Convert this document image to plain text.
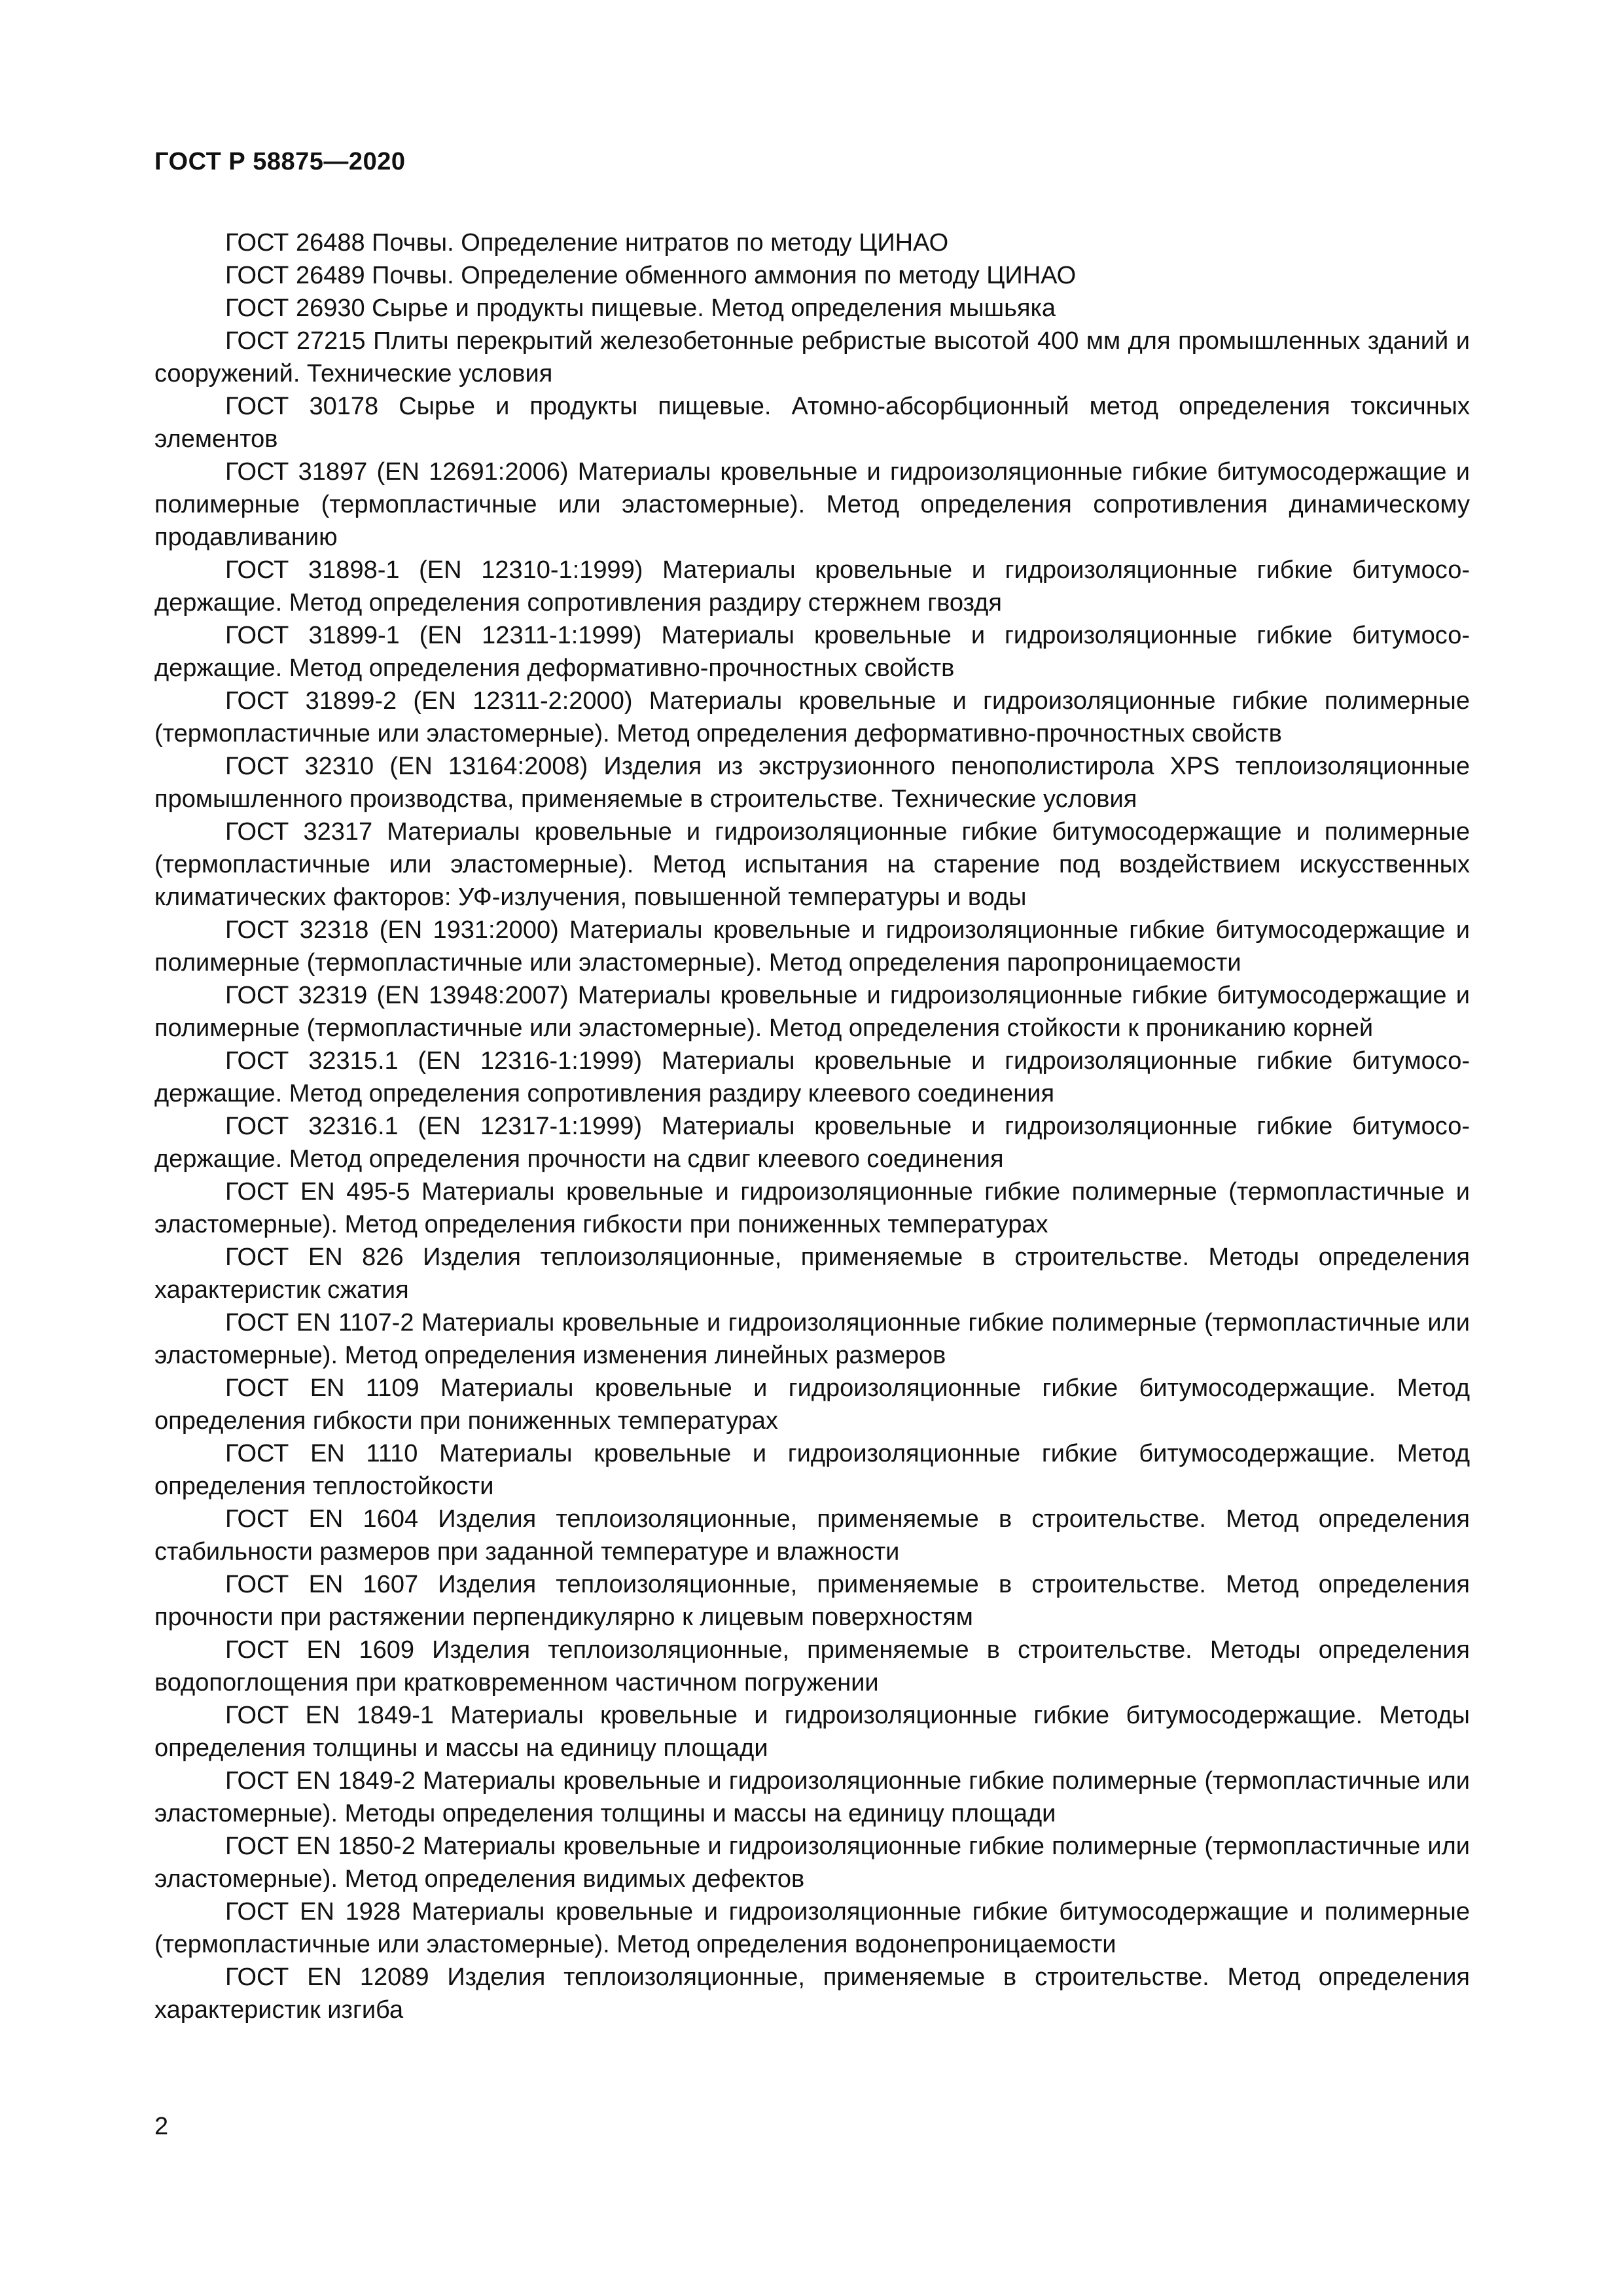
ГОСТ Р 58875—2020

ГОСТ 26488 Почвы. Определение нитратов по методу ЦИНАО

ГОСТ 26489 Почвы. Определение обменного аммония по методу ЦИНАО

ГОСТ 26930 Сырье и продукты пищевые. Метод определения мышьяка

ГОСТ 27215 Плиты перекрытий железобетонные ребристые высотой 400 мм для промышленных зданий и сооружений. Технические условия

ГОСТ 30178 Сырье и продукты пищевые. Атомно-абсорбционный метод определения токсичных элементов

ГОСТ 31897 (EN 12691:2006) Материалы кровельные и гидроизоляционные гибкие битумосодержащие и полимерные (термопластичные или эластомерные). Метод определения сопротивления динамическому продавливанию

ГОСТ 31898-1 (EN 12310-1:1999) Материалы кровельные и гидроизоляционные гибкие битумосодержащие. Метод определения сопротивления раздиру стержнем гвоздя

ГОСТ 31899-1 (EN 12311-1:1999) Материалы кровельные и гидроизоляционные гибкие битумосодержащие. Метод определения деформативно-прочностных свойств

ГОСТ 31899-2 (EN 12311-2:2000) Материалы кровельные и гидроизоляционные гибкие полимерные (термопластичные или эластомерные). Метод определения деформативно-прочностных свойств

ГОСТ 32310 (EN 13164:2008) Изделия из экструзионного пенополистирола XPS теплоизоляционные промышленного производства, применяемые в строительстве. Технические условия

ГОСТ 32317 Материалы кровельные и гидроизоляционные гибкие битумосодержащие и полимерные (термопластичные или эластомерные). Метод испытания на старение под воздействием искусственных климатических факторов: УФ-излучения, повышенной температуры и воды

ГОСТ 32318 (EN 1931:2000) Материалы кровельные и гидроизоляционные гибкие битумосодержащие и полимерные (термопластичные или эластомерные). Метод определения паропроницаемости

ГОСТ 32319 (EN 13948:2007) Материалы кровельные и гидроизоляционные гибкие битумосодержащие и полимерные (термопластичные или эластомерные). Метод определения стойкости к прониканию корней

ГОСТ 32315.1 (EN 12316-1:1999) Материалы кровельные и гидроизоляционные гибкие битумосодержащие. Метод определения сопротивления раздиру клеевого соединения

ГОСТ 32316.1 (EN 12317-1:1999) Материалы кровельные и гидроизоляционные гибкие битумосодержащие. Метод определения прочности на сдвиг клеевого соединения

ГОСТ EN 495-5 Материалы кровельные и гидроизоляционные гибкие полимерные (термопластичные и эластомерные). Метод определения гибкости при пониженных температурах

ГОСТ EN 826 Изделия теплоизоляционные, применяемые в строительстве. Методы определения характеристик сжатия

ГОСТ EN 1107-2 Материалы кровельные и гидроизоляционные гибкие полимерные (термопластичные или эластомерные). Метод определения изменения линейных размеров

ГОСТ EN 1109 Материалы кровельные и гидроизоляционные гибкие битумосодержащие. Метод определения гибкости при пониженных температурах

ГОСТ EN 1110 Материалы кровельные и гидроизоляционные гибкие битумосодержащие. Метод определения теплостойкости

ГОСТ EN 1604 Изделия теплоизоляционные, применяемые в строительстве. Метод определения стабильности размеров при заданной температуре и влажности

ГОСТ EN 1607 Изделия теплоизоляционные, применяемые в строительстве. Метод определения прочности при растяжении перпендикулярно к лицевым поверхностям

ГОСТ EN 1609 Изделия теплоизоляционные, применяемые в строительстве. Методы определения водопоглощения при кратковременном частичном погружении

ГОСТ EN 1849-1 Материалы кровельные и гидроизоляционные гибкие битумосодержащие. Методы определения толщины и массы на единицу площади

ГОСТ EN 1849-2 Материалы кровельные и гидроизоляционные гибкие полимерные (термопластичные или эластомерные). Методы определения толщины и массы на единицу площади

ГОСТ EN 1850-2 Материалы кровельные и гидроизоляционные гибкие полимерные (термопластичные или эластомерные). Метод определения видимых дефектов

ГОСТ EN 1928 Материалы кровельные и гидроизоляционные гибкие битумосодержащие и полимерные (термопластичные или эластомерные). Метод определения водонепроницаемости

ГОСТ EN 12089 Изделия теплоизоляционные, применяемые в строительстве. Метод определения характеристик изгиба

2
